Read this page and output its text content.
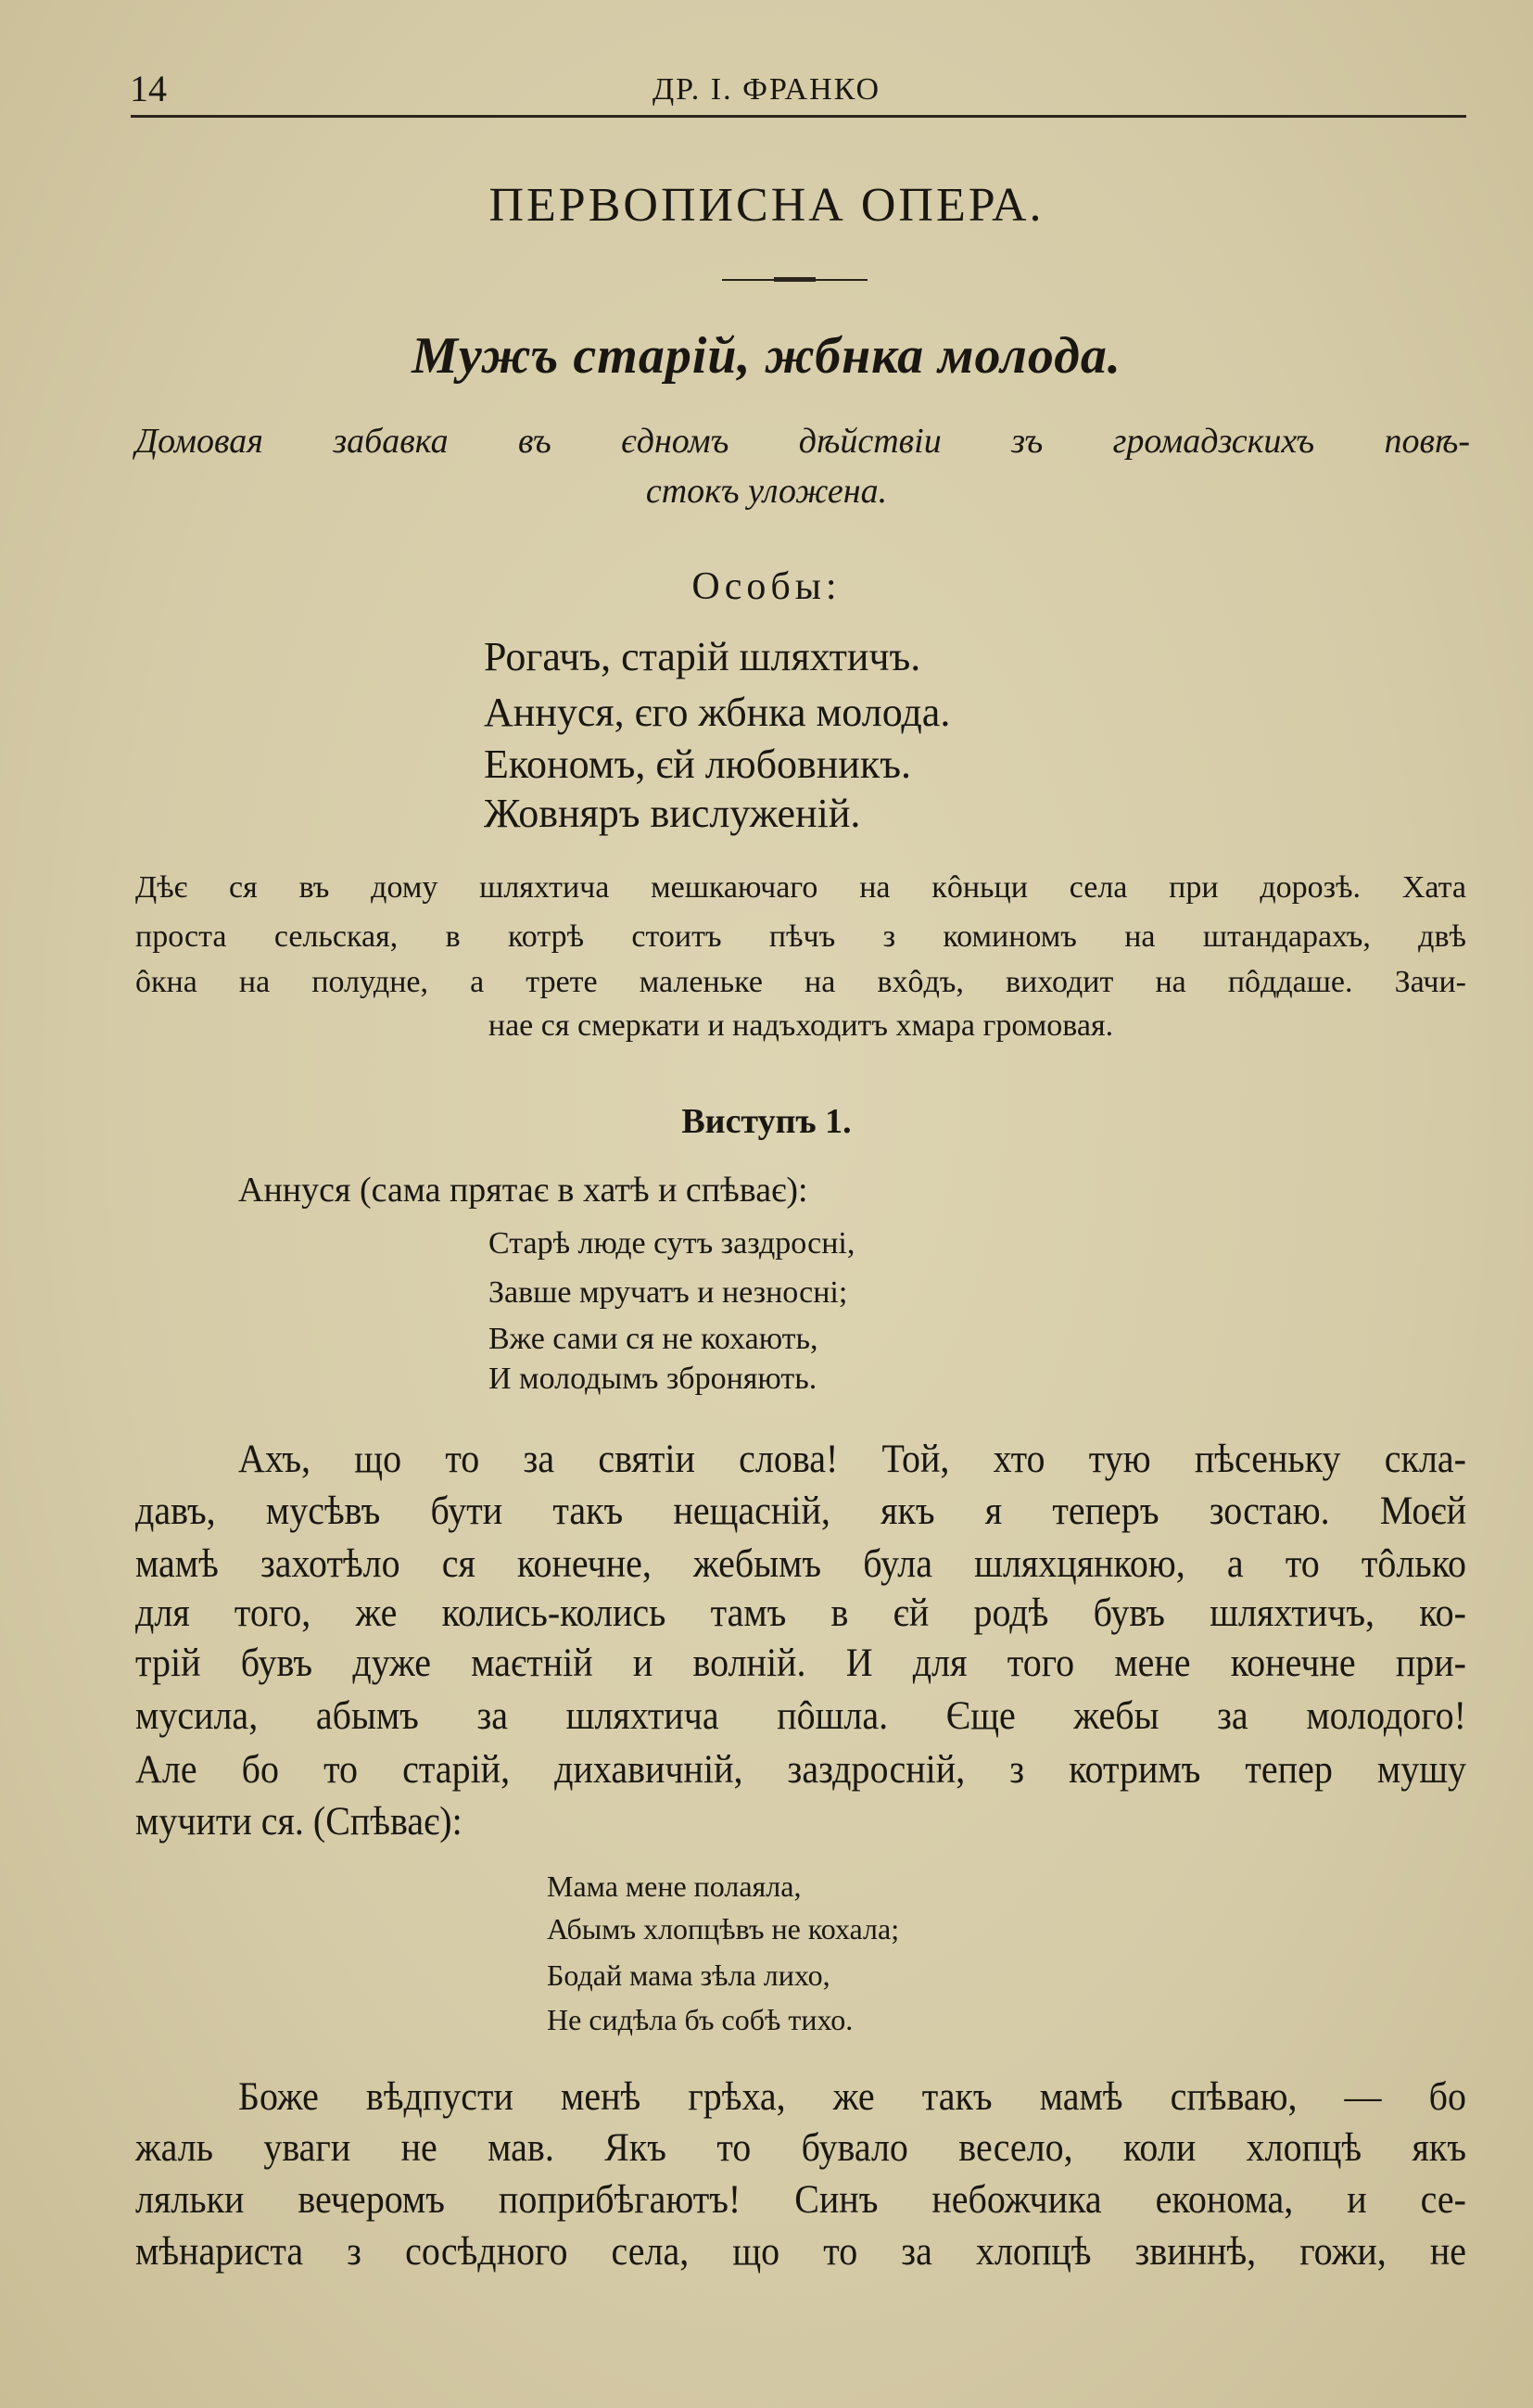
14	ДР. І. ФРАНКО
ПЕРВОПИСНА ОПЕРА.
Мужъ старій, жбнка молода.
Домовая забавка въ єдномъ дѣйствіи зъ громадзскихъ повѣ-
стокъ уложена.
Особы:
Рогачъ, старій шляхтичъ.
Аннуся, єго жбнка молода.
Економъ, єй любовникъ.
Жовняръ вислуженій.
Дѣє ся въ дому шляхтича мешкаючаго на кôньци села при дорозѣ. Хата
проста сельская, в котрѣ стоитъ пѣчъ з коминомъ на штандарахъ, двѣ
ôкна на полудне, а трете маленьке на вхôдъ, виходит на пôддаше. Зачи-
нае ся смеркати и надъходитъ хмара громовая.
Виступъ 1.
Аннуся (сама прятає в хатѣ и спѣває):
Старѣ люде сутъ заздросні,
Завше мручатъ и незносні;
Вже сами ся не кохають,
И молодымъ зброняють.
Ахъ, що то за святіи слова! Той, хто тую пѣсеньку скла-
давъ, мусѣвъ бути такъ нещасній, якъ я теперъ зостаю. Моєй
мамѣ захотѣло ся конечне, жебымъ була шляхцянкою, а то тôлько
для того, же колись-колись тамъ в єй родѣ бувъ шляхтичъ, ко-
трій бувъ дуже маєтній и волній. И для того мене конечне при-
мусила, абымъ за шляхтича пôшла. Єще жебы за молодого!
Але бо то старій, дихавичній, заздросній, з котримъ тепер мушу
мучити ся. (Спѣває):
Мама мене полаяла,
Абымъ хлопцѣвъ не кохала;
Бодай мама зѣла лихо,
Не сидѣла бъ собѣ тихо.
Боже вѣдпусти менѣ грѣха, же такъ мамѣ спѣваю, — бо
жаль уваги не мав. Якъ то бувало весело, коли хлопцѣ якъ
ляльки вечеромъ поприбѣгаютъ! Синъ небожчика економа, и се-
мѣнариста з сосѣдного села, що то за хлопцѣ звиннѣ, гожи, не
